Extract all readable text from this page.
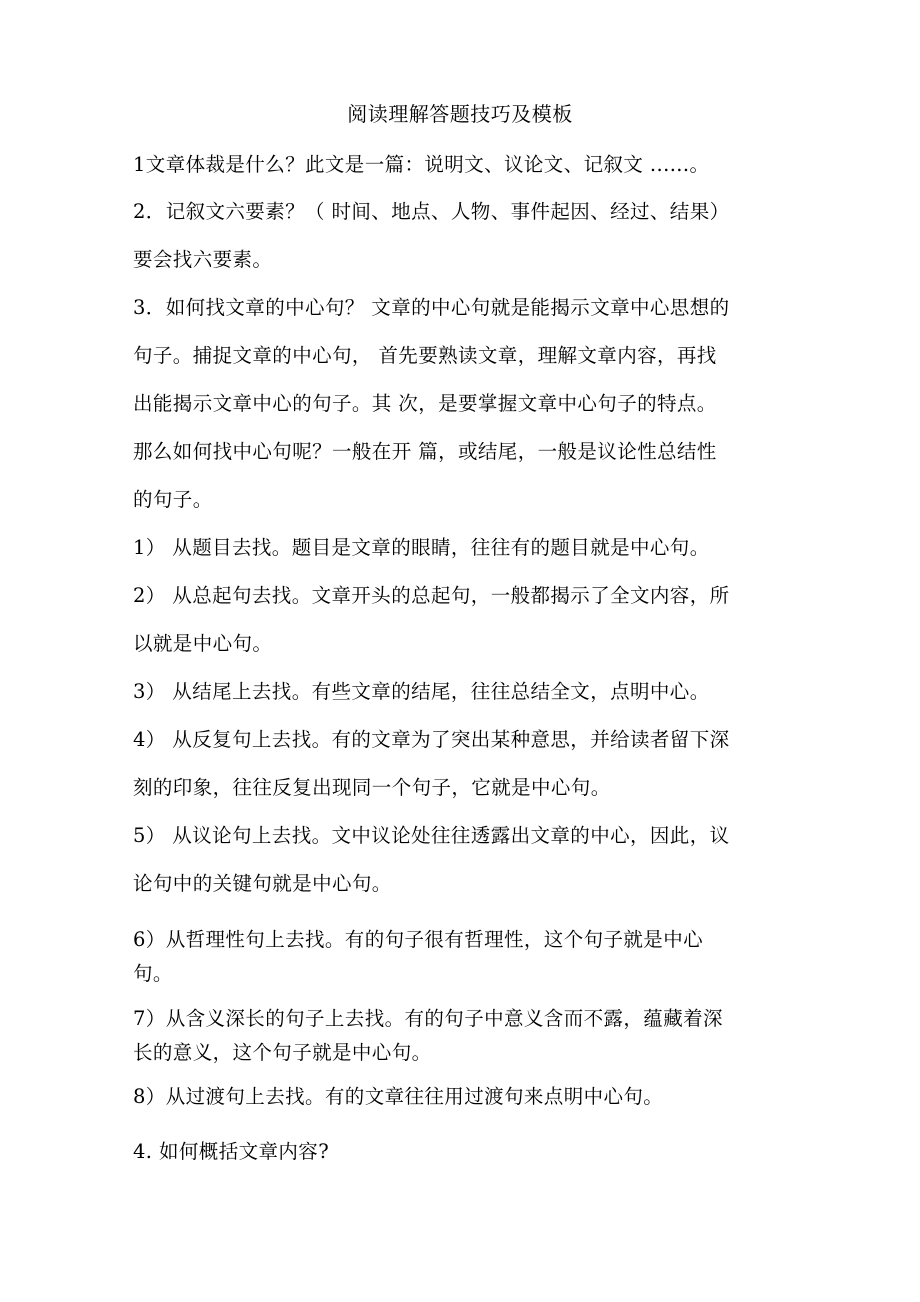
阅读理解答题技巧及模板
1文章体裁是什么？此文是一篇：说明文、议论文、记叙文 ......。
2．记叙文六要素？（ 时间、地点、人物、事件起因、经过、结果）
要会找六要素。
3．如何找文章的中心句？ 文章的中心句就是能揭示文章中心思想的
句子。捕捉文章的中心句， 首先要熟读文章，理解文章内容，再找
出能揭示文章中心的句子。其 次，是要掌握文章中心句子的特点。
那么如何找中心句呢？一般在开 篇，或结尾，一般是议论性总结性
的句子。
1） 从题目去找。题目是文章的眼睛，往往有的题目就是中心句。
2） 从总起句去找。文章开头的总起句，一般都揭示了全文内容，所
以就是中心句。
3） 从结尾上去找。有些文章的结尾，往往总结全文，点明中心。
4） 从反复句上去找。有的文章为了突出某种意思，并给读者留下深
刻的印象，往往反复出现同一个句子，它就是中心句。
5） 从议论句上去找。文中议论处往往透露出文章的中心，因此，议
论句中的关键句就是中心句。
6）从哲理性句上去找。有的句子很有哲理性，这个句子就是中心
句。
7）从含义深长的句子上去找。有的句子中意义含而不露，蕴藏着深
长的意义，这个句子就是中心句。
8）从过渡句上去找。有的文章往往用过渡句来点明中心句。
4. 如何概括文章内容?
